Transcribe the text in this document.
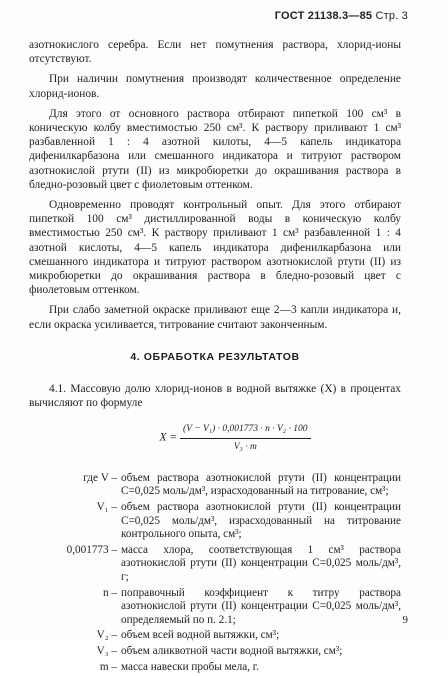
ГОСТ 21138.3—85 Стр. 3

азотнокислого серебра. Если нет помутнения раствора, хлорид-ионы отсутствуют.

При наличии помутнения производят количественное определение хлорид-ионов.

Для этого от основного раствора отбирают пипеткой 100 см³ в коническую колбу вместимостью 250 см³. К раствору приливают 1 см³ разбавленной 1 : 4 азотной килоты, 4—5 капель индикатора дифенилкарбазона или смешанного индикатора и титруют раствором азотнокислой ртути (II) из микробюретки до окрашивания раствора в бледно-розовый цвет с фиолетовым оттенком.

Одновременно проводят контрольный опыт. Для этого отбирают пипеткой 100 см³ дистиллированной воды в коническую колбу вместимостью 250 см³. К раствору приливают 1 см³ разбавленной 1 : 4 азотной кислоты, 4—5 капель индикатора дифенилкарбазона или смешанного индикатора и титруют раствором азотнокислой ртути (II) из микробюретки до окрашивания раствора в бледно-розовый цвет с фиолетовым оттенком.

При слабо заметной окраске приливают еще 2—3 капли индикатора и, если окраска усиливается, титрование считают законченным.

4. ОБРАБОТКА РЕЗУЛЬТАТОВ

4.1. Массовую долю хлорид-ионов в водной вытяжке (X) в процентах вычисляют по формуле

$X = \frac{\text{(V − V₁) · 0,001773 · n · V₂ · 100}}{\text{V₃ · m}}$
где V – объем раствора азотнокислой ртути (II) концентрации C=0,025 моль/дм³, израсходованный на титрование, см³;
V₁ – объем раствора азотнокислой ртути (II) концентрации C=0,025 моль/дм³, израсходованный на титрование контрольного опыта, см³;
0,001773 – масса хлора, соответствующая 1 см³ раствора азотнокислой ртути (II) концентрации C=0,025 моль/дм³, г;
n – поправочный коэффициент к титру раствора азотнокислой ртути (II) концентрации C=0,025 моль/дм³, определяемый по п. 2.1;
V₂ – объем всей водной вытяжки, см³;
V₃ – объем аликвотной части водной вытяжки, см³;
m – масса навески пробы мела, г.
9
